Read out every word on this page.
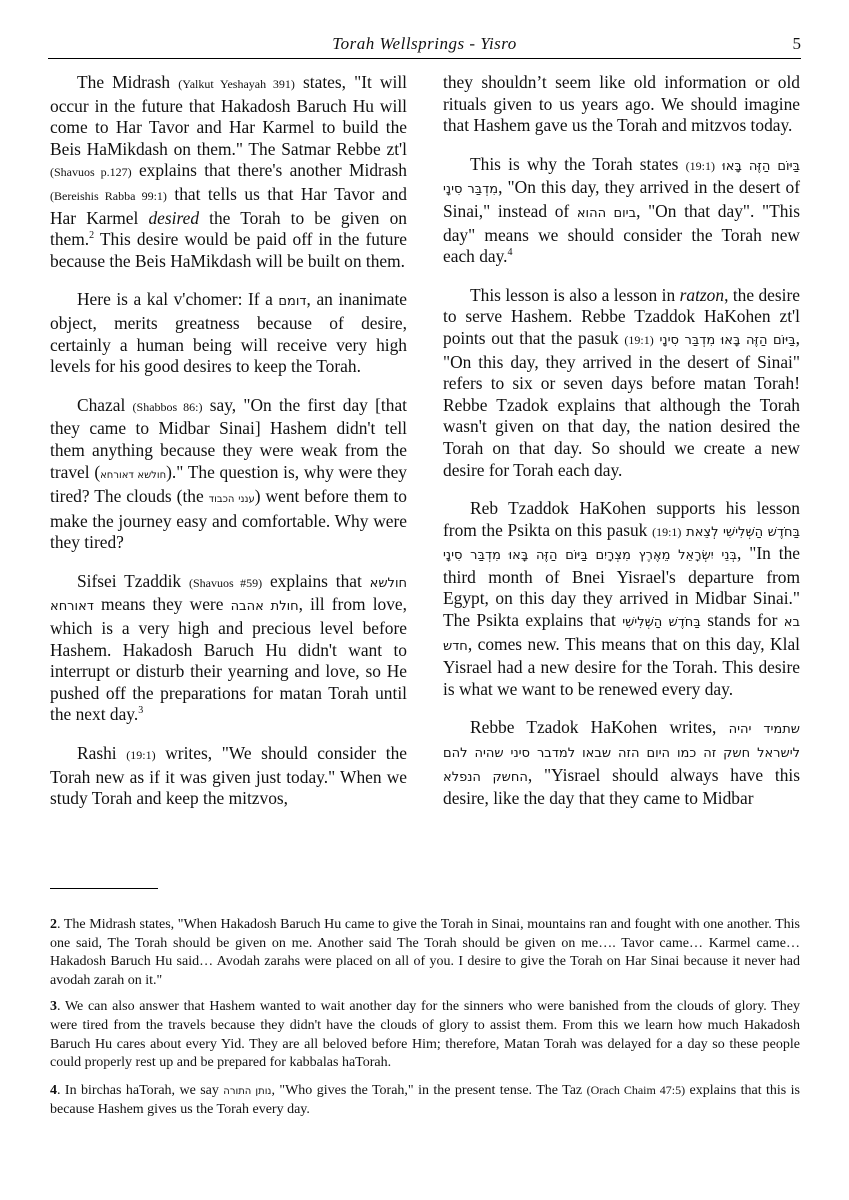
Torah Wellsprings - Yisro	5

The Midrash (Yalkut Yeshayah 391) states, "It will occur in the future that Hakadosh Baruch Hu will come to Har Tavor and Har Karmel to build the Beis HaMikdash on them." The Satmar Rebbe zt'l (Shavuos p.127) explains that there's another Midrash (Bereishis Rabba 99:1) that tells us that Har Tavor and Har Karmel desired the Torah to be given on them.$^2$ This desire would be paid off in the future because the Beis HaMikdash will be built on them.

Here is a kal v'chomer: If a דומם, an inanimate object, merits greatness because of desire, certainly a human being will receive very high levels for his good desires to keep the Torah.

Chazal (Shabbos 86:) say, "On the first day [that they came to Midbar Sinai] Hashem didn't tell them anything because they were weak from the travel (חולשא דאורחא)." The question is, why were they tired? The clouds (the ענני הכבוד) went before them to make the journey easy and comfortable. Why were they tired?

Sifsei Tzaddik (Shavuos #59) explains that חולשא דאורחא means they were חולת אהבה, ill from love, which is a very high and precious level before Hashem. Hakadosh Baruch Hu didn't want to interrupt or disturb their yearning and love, so He pushed off the preparations for matan Torah until the next day.$^3$

Rashi (19:1) writes, "We should consider the Torah new as if it was given just today." When we study Torah and keep the mitzvos,

they shouldn’t seem like old information or old rituals given to us years ago. We should imagine that Hashem gave us the Torah and mitzvos today.

This is why the Torah states (19:1) בַּיּוֹם הַזֶּה בָּאוּ מִדְבַּר סִינָי, "On this day, they arrived in the desert of Sinai," instead of ביום ההוא, "On that day". "This day" means we should consider the Torah new each day.$^4$

This lesson is also a lesson in ratzon, the desire to serve Hashem. Rebbe Tzaddok HaKohen zt'l points out that the pasuk (19:1) בַּיּוֹם הַזֶּה בָּאוּ מִדְבַּר סִינָי, "On this day, they arrived in the desert of Sinai" refers to six or seven days before matan Torah! Rebbe Tzadok explains that although the Torah wasn't given on that day, the nation desired the Torah on that day. So should we create a new desire for Torah each day.

Reb Tzaddok HaKohen supports his lesson from the Psikta on this pasuk (19:1) בַּחֹדֶשׁ הַשְּׁלִישִׁי לְצֵאת בְּנֵי יִשְׂרָאֵל מֵאֶרֶץ מִצְרָיִם בַּיּוֹם הַזֶּה בָּאוּ מִדְבַּר סִינָי, "In the third month of Bnei Yisrael's departure from Egypt, on this day they arrived in Midbar Sinai." The Psikta explains that בַּחֹדֶשׁ הַשְּׁלִישִׁי stands for בא חדש, comes new. This means that on this day, Klal Yisrael had a new desire for the Torah. This desire is what we want to be renewed every day.

Rebbe Tzadok HaKohen writes, שתמיד יהיה לישראל חשק זה כמו היום הזה שבאו למדבר סיני שהיה להם החשק הנפלא, "Yisrael should always have this desire, like the day that they came to Midbar

2. The Midrash states, "When Hakadosh Baruch Hu came to give the Torah in Sinai, mountains ran and fought with one another. This one said, The Torah should be given on me. Another said The Torah should be given on me…. Tavor came… Karmel came… Hakadosh Baruch Hu said… Avodah zarahs were placed on all of you. I desire to give the Torah on Har Sinai because it never had avodah zarah on it."

3. We can also answer that Hashem wanted to wait another day for the sinners who were banished from the clouds of glory. They were tired from the travels because they didn't have the clouds of glory to assist them. From this we learn how much Hakadosh Baruch Hu cares about every Yid. They are all beloved before Him; therefore, Matan Torah was delayed for a day so these people could properly rest up and be prepared for kabbalas haTorah.

4. In birchas haTorah, we say נותן התורה, "Who gives the Torah," in the present tense. The Taz (Orach Chaim 47:5) explains that this is because Hashem gives us the Torah every day.
